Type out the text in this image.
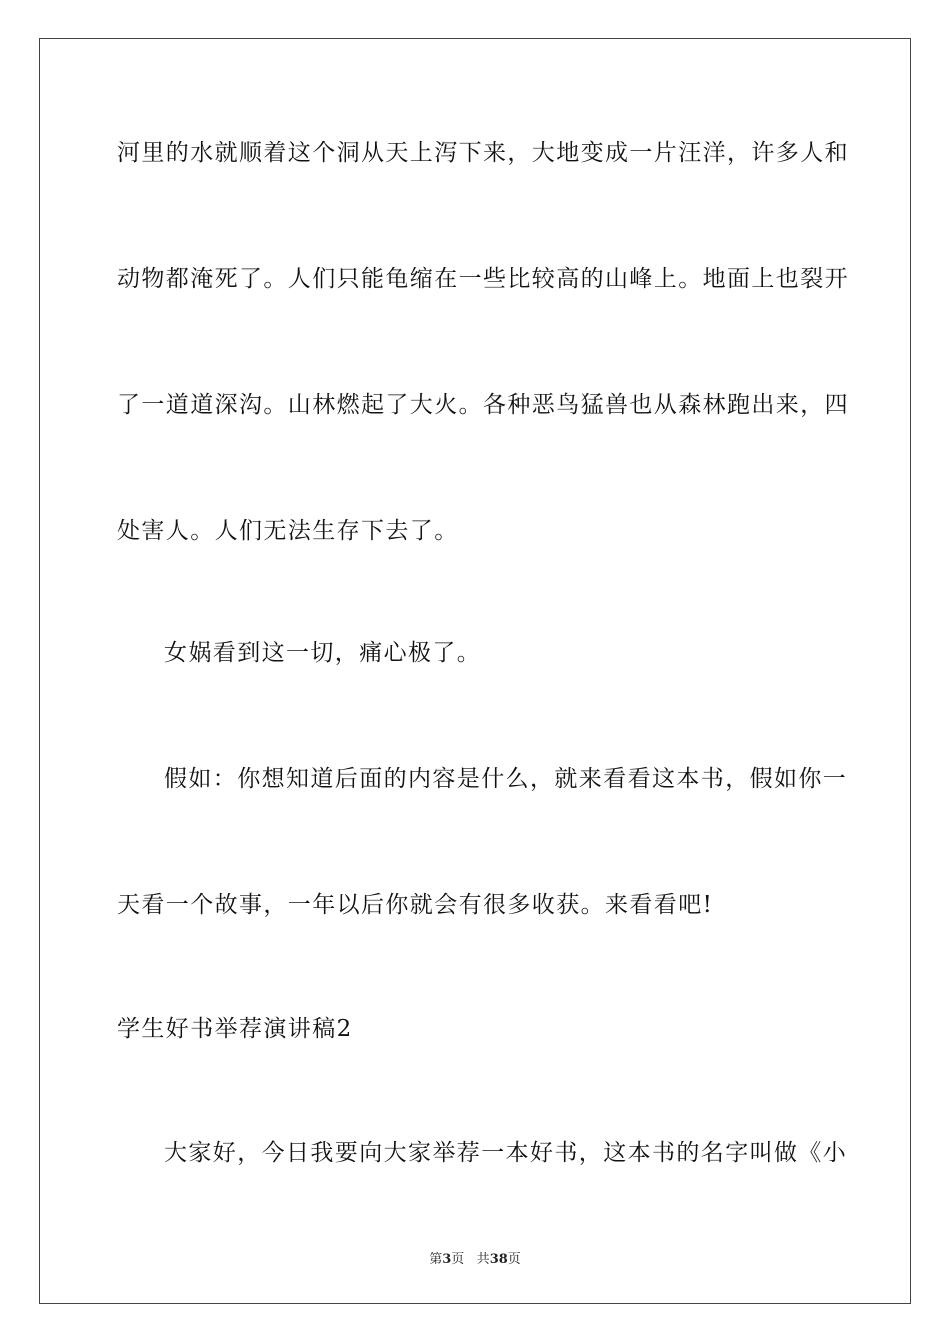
河里的水就顺着这个洞从天上泻下来，大地变成一片汪洋，许多人和

动物都淹死了。人们只能龟缩在一些比较高的山峰上。地面上也裂开

了一道道深沟。山林燃起了大火。各种恶鸟猛兽也从森林跑出来，四

处害人。人们无法生存下去了。

女娲看到这一切，痛心极了。

假如：你想知道后面的内容是什么，就来看看这本书，假如你一

天看一个故事，一年以后你就会有很多收获。来看看吧!

学生好书举荐演讲稿2

大家好，今日我要向大家举荐一本好书，这本书的名字叫做《小

第3页 共38页
